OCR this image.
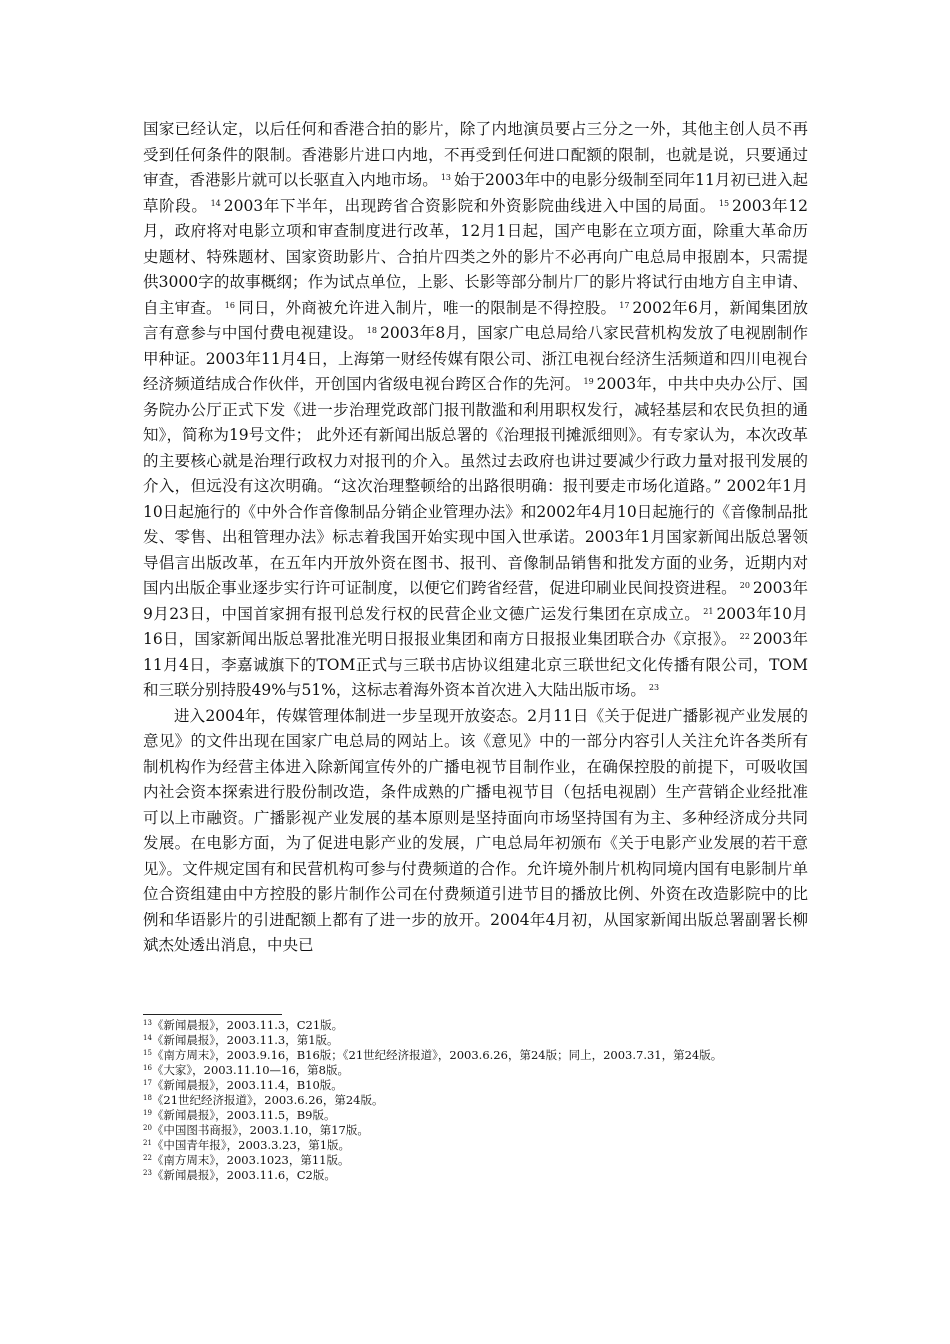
国家已经认定，以后任何和香港合拍的影片，除了内地演员要占三分之一外，其他主创人员不再受到任何条件的限制。香港影片进口内地，不再受到任何进口配额的限制，也就是说，只要通过审查，香港影片就可以长驱直入内地市场。 $^{13}$ 始于2003年中的电影分级制至同年11月初已进入起草阶段。 $^{14}$ 2003年下半年，出现跨省合资影院和外资影院曲线进入中国的局面。 $^{15}$ 2003年12月，政府将对电影立项和审查制度进行改革，12月1日起，国产电影在立项方面，除重大革命历史题材、特殊题材、国家资助影片、合拍片四类之外的影片不必再向广电总局申报剧本，只需提供3000字的故事概纲；作为试点单位，上影、长影等部分制片厂的影片将试行由地方自主申请、自主审查。 $^{16}$ 同日，外商被允许进入制片，唯一的限制是不得控股。 $^{17}$ 2002年6月，新闻集团放言有意参与中国付费电视建设。 $^{18}$ 2003年8月，国家广电总局给八家民营机构发放了电视剧制作甲种证。2003年11月4日，上海第一财经传媒有限公司、浙江电视台经济生活频道和四川电视台经济频道结成合作伙伴，开创国内省级电视台跨区合作的先河。 $^{19}$ 2003年，中共中央办公厅、国务院办公厅正式下发《进一步治理党政部门报刊散滥和利用职权发行，减轻基层和农民负担的通知》，简称为19号文件； 此外还有新闻出版总署的《治理报刊摊派细则》。有专家认为，本次改革的主要核心就是治理行政权力对报刊的介入。虽然过去政府也讲过要减少行政力量对报刊发展的介入，但远没有这次明确。“这次治理整顿给的出路很明确：报刊要走市场化道路。” 2002年1月10日起施行的《中外合作音像制品分销企业管理办法》和2002年4月10日起施行的《音像制品批发、零售、出租管理办法》标志着我国开始实现中国入世承诺。2003年1月国家新闻出版总署领导倡言出版改革，在五年内开放外资在图书、报刊、音像制品销售和批发方面的业务，近期内对国内出版企事业逐步实行许可证制度，以便它们跨省经营，促进印刷业民间投资进程。 $^{20}$ 2003年9月23日，中国首家拥有报刊总发行权的民营企业文德广运发行集团在京成立。 $^{21}$ 2003年10月16日，国家新闻出版总署批准光明日报报业集团和南方日报报业集团联合办《京报》。 $^{22}$ 2003年11月4日，李嘉诚旗下的TOM正式与三联书店协议组建北京三联世纪文化传播有限公司，TOM和三联分别持股49%与51%，这标志着海外资本首次进入大陆出版市场。 $^{23}$

进入2004年，传媒管理体制进一步呈现开放姿态。2月11日《关于促进广播影视产业发展的意见》的文件出现在国家广电总局的网站上。该《意见》中的一部分内容引人关注允许各类所有制机构作为经营主体进入除新闻宣传外的广播电视节目制作业，在确保控股的前提下，可吸收国内社会资本探索进行股份制改造，条件成熟的广播电视节目（包括电视剧）生产营销企业经批准可以上市融资。广播影视产业发展的基本原则是坚持面向市场坚持国有为主、多种经济成分共同发展。在电影方面，为了促进电影产业的发展，广电总局年初颁布《关于电影产业发展的若干意见》。文件规定国有和民营机构可参与付费频道的合作。允许境外制片机构同境内国有电影制片单位合资组建由中方控股的影片制作公司在付费频道引进节目的播放比例、外资在改造影院中的比例和华语影片的引进配额上都有了进一步的放开。2004年4月初，从国家新闻出版总署副署长柳斌杰处透出消息，中央已

$^{13}$《新闻晨报》，2003.11.3，C21版。

$^{14}$《新闻晨报》，2003.11.3，第1版。

$^{15}$《南方周末》，2003.9.16，B16版；《21世纪经济报道》，2003.6.26，第24版；同上，2003.7.31，第24版。

$^{16}$《大家》，2003.11.10—16，第8版。

$^{17}$《新闻晨报》，2003.11.4，B10版。

$^{18}$《21世纪经济报道》，2003.6.26，第24版。

$^{19}$《新闻晨报》，2003.11.5，B9版。

$^{20}$《中国图书商报》，2003.1.10，第17版。

$^{21}$《中国青年报》，2003.3.23，第1版。

$^{22}$《南方周末》，2003.1023，第11版。

$^{23}$《新闻晨报》，2003.11.6，C2版。
